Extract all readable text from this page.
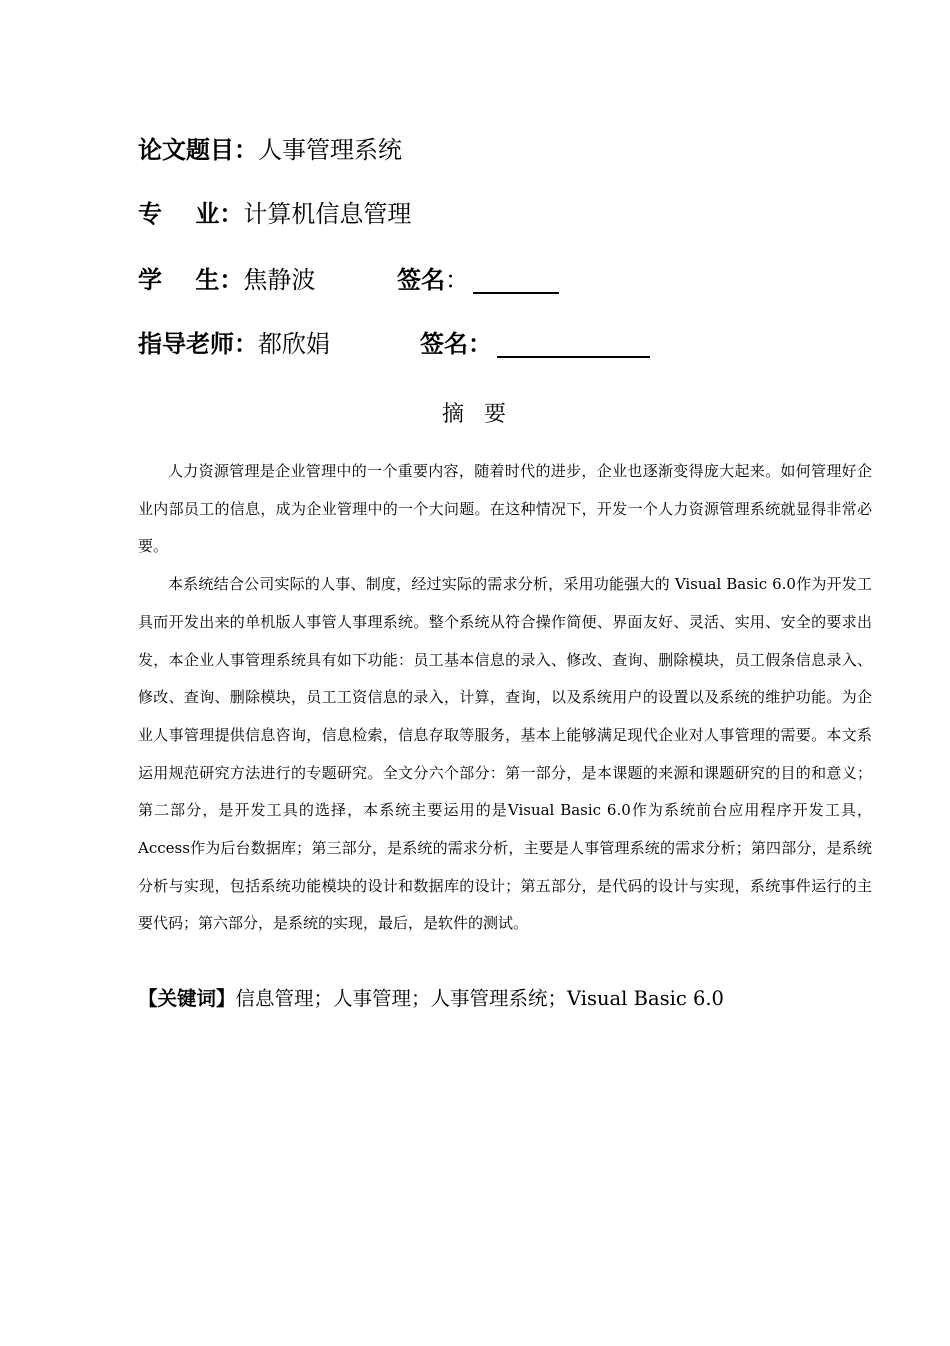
论文题目：人事管理系统
专    业：计算机信息管理
学    生：焦静波	签名：
指导老师：都欣娟	签名：
摘  要

人力资源管理是企业管理中的一个重要内容，随着时代的进步，企业也逐渐变得庞大起来。如何管理好企业内部员工的信息，成为企业管理中的一个大问题。在这种情况下，开发一个人力资源管理系统就显得非常必要。

本系统结合公司实际的人事、制度，经过实际的需求分析，采用功能强大的 Visual Basic 6.0作为开发工具而开发出来的单机版人事管人事理系统。整个系统从符合操作简便、界面友好、灵活、实用、安全的要求出发，本企业人事管理系统具有如下功能：员工基本信息的录入、修改、查询、删除模块，员工假条信息录入、修改、查询、删除模块，员工工资信息的录入，计算，查询，以及系统用户的设置以及系统的维护功能。为企业人事管理提供信息咨询，信息检索，信息存取等服务，基本上能够满足现代企业对人事管理的需要。本文系运用规范研究方法进行的专题研究。全文分六个部分：第一部分，是本课题的来源和课题研究的目的和意义；第二部分，是开发工具的选择，本系统主要运用的是Visual Basic 6.0作为系统前台应用程序开发工具，Access作为后台数据库；第三部分，是系统的需求分析，主要是人事管理系统的需求分析；第四部分，是系统分析与实现，包括系统功能模块的设计和数据库的设计；第五部分，是代码的设计与实现，系统事件运行的主要代码；第六部分，是系统的实现，最后，是软件的测试。

【关键词】信息管理；人事管理；人事管理系统；Visual Basic 6.0
